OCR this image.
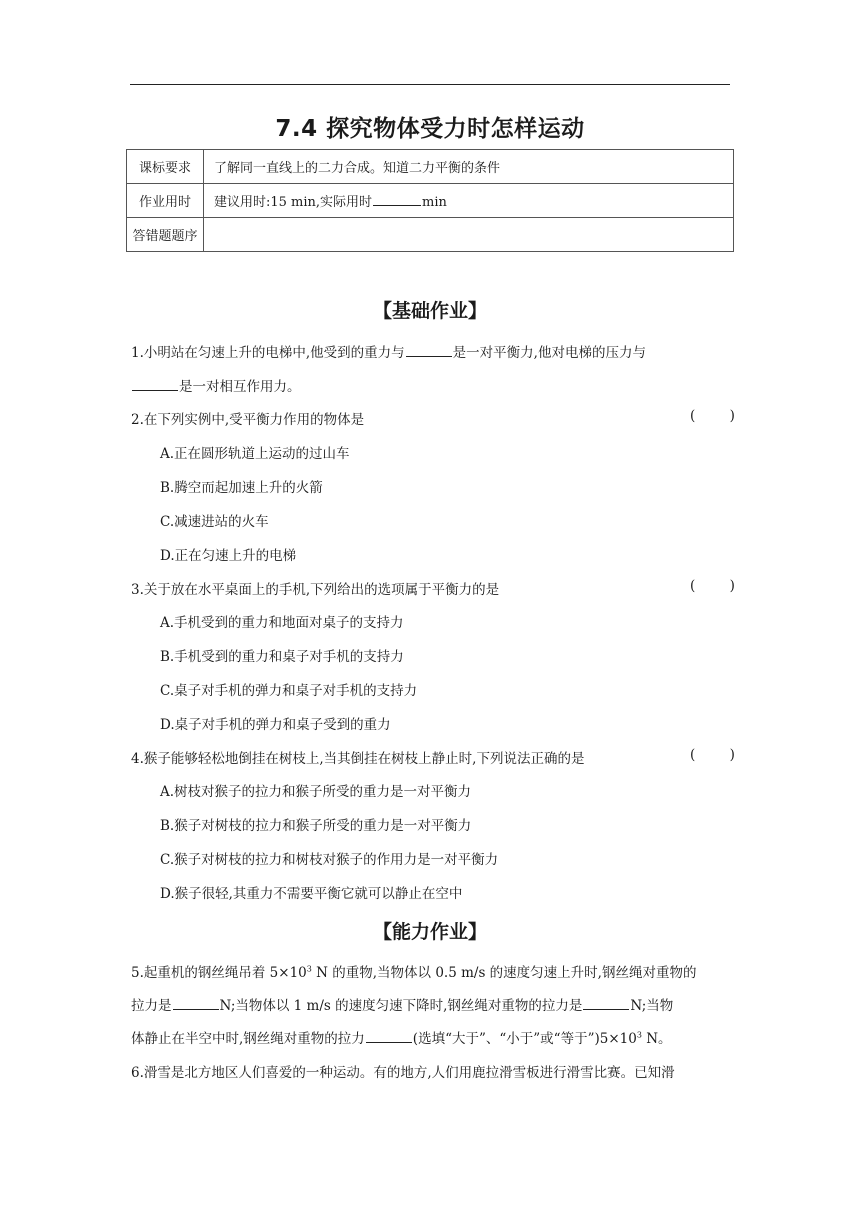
7.4 探究物体受力时怎样运动
课标要求	了解同一直线上的二力合成。知道二力平衡的条件
作业用时	建议用时:15 min,实际用时 min
答错题题序	
【基础作业】
1.小明站在匀速上升的电梯中,他受到的重力与	是一对平衡力,他对电梯的压力与
是一对相互作用力。
2.在下列实例中,受平衡力作用的物体是	(        )
A.正在圆形轨道上运动的过山车
B.腾空而起加速上升的火箭
C.减速进站的火车
D.正在匀速上升的电梯
3.关于放在水平桌面上的手机,下列给出的选项属于平衡力的是	(        )
A.手机受到的重力和地面对桌子的支持力
B.手机受到的重力和桌子对手机的支持力
C.桌子对手机的弹力和桌子对手机的支持力
D.桌子对手机的弹力和桌子受到的重力
4.猴子能够轻松地倒挂在树枝上,当其倒挂在树枝上静止时,下列说法正确的是	(        )
A.树枝对猴子的拉力和猴子所受的重力是一对平衡力
B.猴子对树枝的拉力和猴子所受的重力是一对平衡力
C.猴子对树枝的拉力和树枝对猴子的作用力是一对平衡力
D.猴子很轻,其重力不需要平衡它就可以静止在空中
【能力作业】
5.起重机的钢丝绳吊着 $5\times 10^3$ N 的重物,当物体以 0.5 m/s 的速度匀速上升时,钢丝绳对重物的
拉力是	N;当物体以 1 m/s 的速度匀速下降时,钢丝绳对重物的拉力是	N;当物
体静止在半空中时,钢丝绳对重物的拉力	(选填“大于”、“小于”或“等于$”)5\times 10^3$ N。
6.滑雪是北方地区人们喜爱的一种运动。有的地方,人们用鹿拉滑雪板进行滑雪比赛。已知滑
